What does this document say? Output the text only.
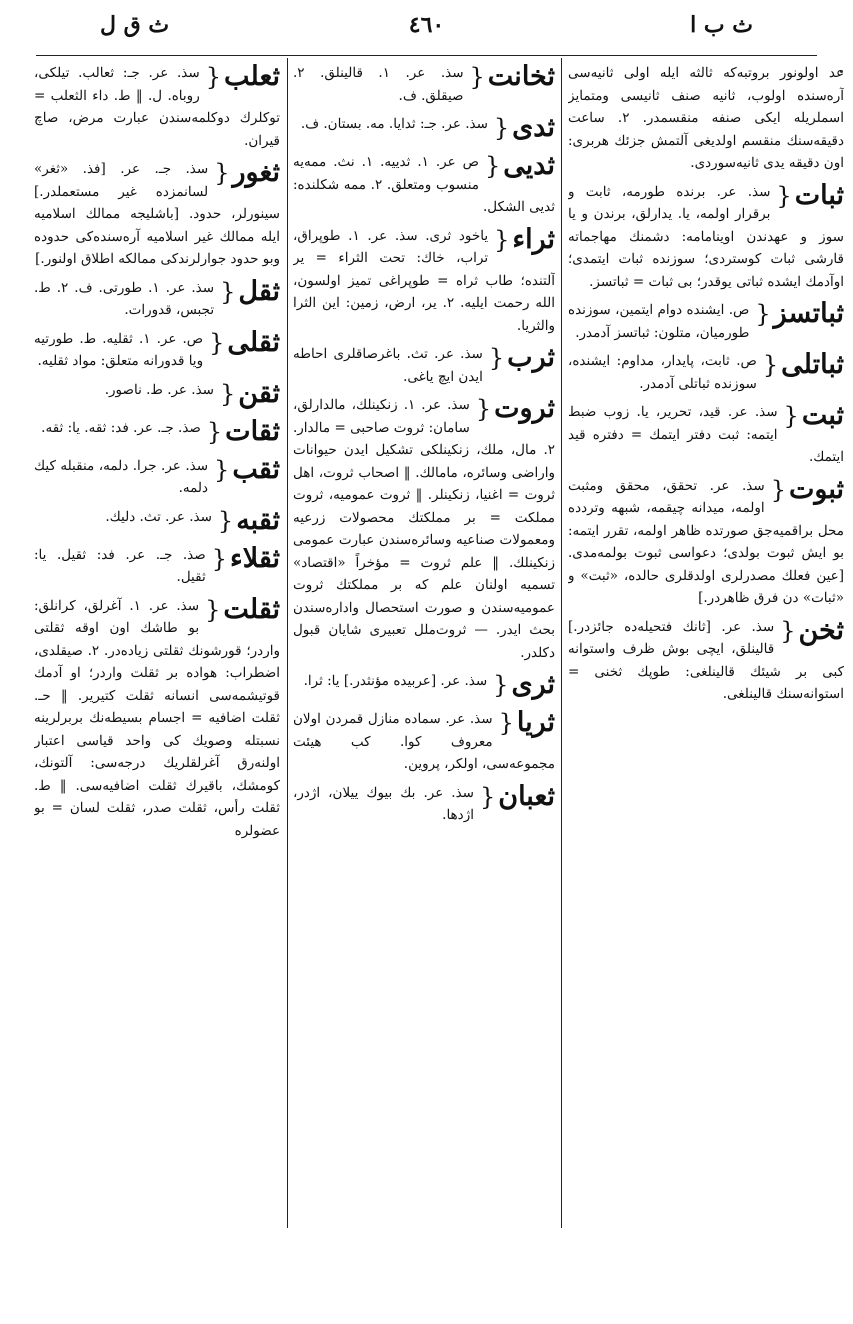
ث ب ا
٤٦٠
ث ق ل

عد اولونور بروتبه‌كه ثالثه ایله اولی ثانیه‌سی آره‌سنده اولوب، ثانیه صنف ثانیسی ومتمایز اسملریله ایکی صنفه منقسمدر. ۲. ساعت دقیقه‌سنك منقسم اولدیغی آلتمش جزئك هربری: اون دقیقه یدی ثانیه‌سوردی.

ثبات {
سذ. عر. برنده طورمه، ثابت و برقرار اولمه، یا. یدارلق، برندن و یا سوز و عهدندن اوینامامه: دشمنك مهاجماته قارشی ثبات كوستردی؛ سوزنده ثبات ایتمدی؛ اوآدمك ایشده ثباتی یوقدر؛ بی ثبات = ثباتسز.
ثباتسز {
ص. ایشنده دوام ایتمین، سوزنده طورمیان، متلون: ثباتسز آدمدر.
ثباتلی {
ص. ثابت، پایدار، مداوم: ایشنده، سوزنده ثباتلی آدمدر.
ثبت {
سذ. عر. قید، تحریر، یا. زوب ضبط ایتمه: ثبت دفتر ایتمك = دفتره قید ایتمك.
ثبوت {
سذ. عر. تحقق، محقق ومثبت اولمه، میدانه چیقمه، شبهه وتردده محل براقمیه‌جق صورتده ظاهر اولمه، تقرر ایتمه: بو ایش ثبوت بولدی؛ دعواسی ثبوت بولمه‌مدی. [عین فعلك مصدرلری اولدقلری حالده، «ثبت» و «ثبات» دن فرق ظاهردر.]
ثخن {
سذ. عر. [ثانك فتحیله‌ده جائزدر.] قالینلق، ایچی بوش ظرف واستوانه كبی بر شیئك قالینلغی: طوپك ثخنی = استوانه‌سنك قالینلغی.
ثخانت {
سذ. عر. ۱. قالینلق. ۲. صیقلق. ف.
ثدی {
سذ. عر. جـ: ثدایا. مه. بستان. ف.
ثدیی {
ص عر. ۱. ثدییه. ۱. نث. ممه‌یه منسوب ومتعلق. ۲. ممه شكلنده: ثدیی الشكل.
ثراء {
یاخود ثری. سذ. عر. ۱. طوپراق، تراب، خاك: تحت الثراء = یر آلتنده؛ طاب ثراه = طوپراغی تمیز اولسون، الله رحمت ایلیه. ۲. یر، ارض، زمین: این الثرا والثریا.
ثرب {
سذ. عر. تث. باغرصاقلری احاطه ایدن ایچ یاغی.
ثروت {
سذ. عر. ۱. زنكینلك، مالدارلق، سامان: ثروت صاحبی = مالدار. ۲. مال، ملك، زنكینلكی تشكیل ایدن حیوانات واراضی وسائره، مامالك. ‖ اصحاب ثروت، اهل ثروت = اغنیا، زنكینلر. ‖ ثروت عمومیه، ثروت مملكت = بر مملكتك محصولات زرعیه ومعمولات صناعیه وسائره‌سندن عبارت عمومی زنكینلك. ‖ علم ثروت = مؤخراً «اقتصاد» تسمیه اولنان علم كه بر مملكتك ثروت عمومیه‌سندن و صورت استحصال واداره‌سندن بحث ایدر. — ثروت‌ملل تعبیری شایان قبول دكلدر.
ثری {
سذ. عر. [عربیده مؤنثدر.] یا: ثرا.
ثریا {
سذ. عر. سماده منازل قمردن اولان معروف كوا. كب هیئت مجموعه‌سی، اولكر، پروین.
ثعبان {
سذ. عر. بك بیوك ییلان، اژدر، اژدها.
ثعلب {
سذ. عر. جـ: ثعالب. تیلكی، روباه. ل. ‖ ط. داء الثعلب = توكلرك دوكلمه‌سندن عبارت مرض، صاچ قیران.
ثغور {
سذ. جـ. عر. [فذ. «ثغر» لسانمزده غیر مستعملدر.] سینورلر، حدود. [باشلیجه ممالك اسلامیه ایله ممالك غیر اسلامیه آره‌سنده‌كی حدوده وبو حدود جوارلرندكی ممالكه اطلاق اولنور.]
ثقل {
سذ. عر. ۱. طورتی. ف. ۲. ط. تجبس، قدورات.
ثقلی {
ص. عر. ۱. ثقلیه. ط. طورتیه ویا قدورانه متعلق: مواد ثقلیه.
ثقن {
سذ. عر. ط. ناصور.
ثقات {
صذ. جـ. عر. فد: ثقه. یا: ثقه.
ثقب {
سذ. عر. جرا. دلمه، منقبله كیك دلمه.
ثقبه {
سذ. عر. تث. دلیك.
ثقلاء {
صذ. جـ. عر. فد: ثقیل. یا: ثقیل.
ثقلت {
سذ. عر. ۱. آغرلق، كرانلق: بو طاشك اون اوقه ثقلتی واردر؛ قورشونك ثقلتی زیاده‌در. ۲. صیقلدی، اضطراب: هواده بر ثقلت وار‌در؛ او آدمك قوتیشمه‌سی انسانه ثقلت كتیریر. ‖ حـ. ثقلت اضافیه = اجسام بسیطه‌نك بربرلرینه نسبتله وصویك كی واحد قیاسی اعتبار اولنه‌رق آغرلقلریك درجه‌سی: آلتونك، كومشك، باقیرك ثقلت اضافیه‌سی. ‖ ط. ثقلت رأس، ثقلت صدر، ثقلت لسان = بو عضولره
